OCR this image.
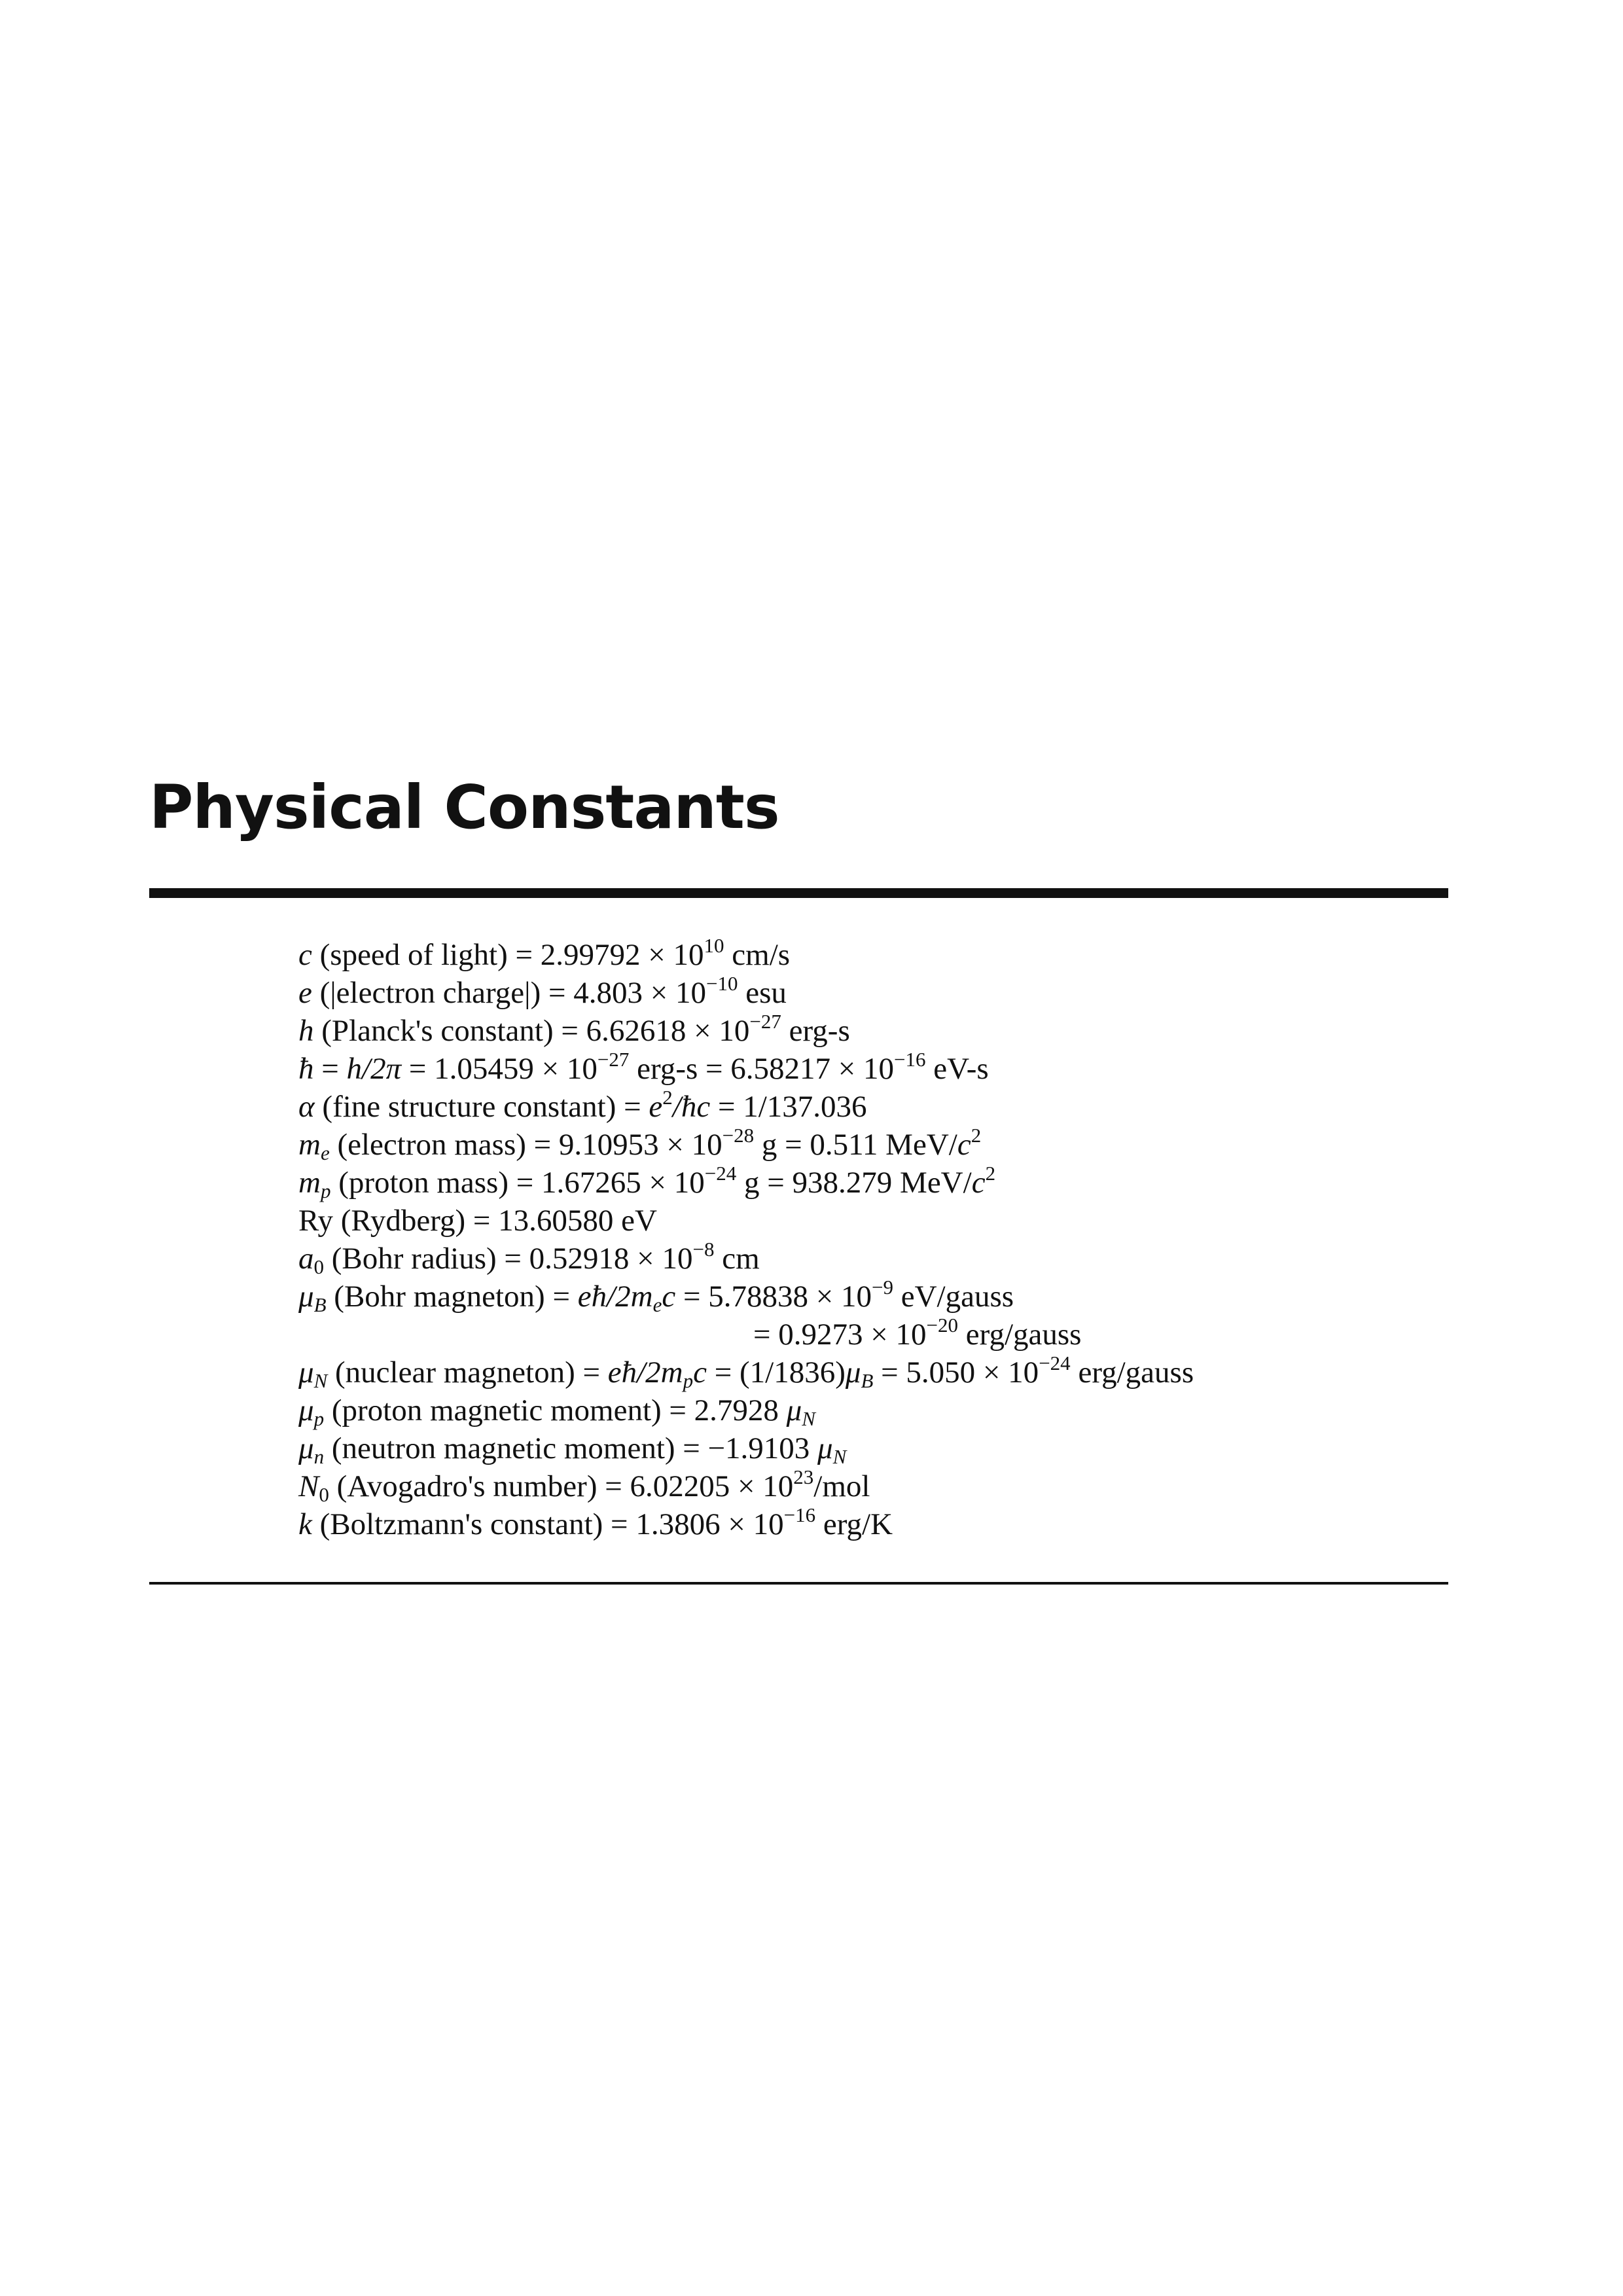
Physical Constants
c (speed of light) = $2.99792 \times 10^{10}$ cm/s
e (|electron charge|) = $4.803 \times 10^{-10}$ esu
h (Planck's constant) = $6.62618 \times 10^{-27}$ erg-s
ħ = $h/2\pi = 1.05459 \times 10^{-27}$ $erg-s = 6.58217 \times 10^{-16}$ eV-s
α (fine structure constant) = $e^2/ħc = 1/137.036$
$m_e$ (electron mass) = $9.10953 \times 10^{-28}$ g = 0.511 MeV/$c^2$
$m_p$ (proton mass) = $1.67265 \times 10^{-24}$ g = 938.279 MeV/$c^2$
Ry (Rydberg) = 13.60580 eV
$a_0$ (Bohr radius) = $0.52918 \times 10^{-8}$ cm
$\mu_B$ (Bohr magneton) = $eħ/2m_ec = 5.78838 \times 10^{-9}$ eV/gauss
= $0.9273 \times 10^{-20}$ erg/gauss
$\mu_N$ (nuclear magneton) = $eħ/2m_pc = (1/1836)\mu_B = 5.050 \times 10^{-24}$ erg/gauss
$\mu_p$ (proton magnetic moment) = 2.7928 $\mu_N$
$\mu_n$ (neutron magnetic moment) = −1.9103 $\mu_N$
$N_0$ (Avogadro's number) = $6.02205 \times 10^{23}$/mol
k (Boltzmann's constant) = $1.3806 \times 10^{-16}$ erg/K
